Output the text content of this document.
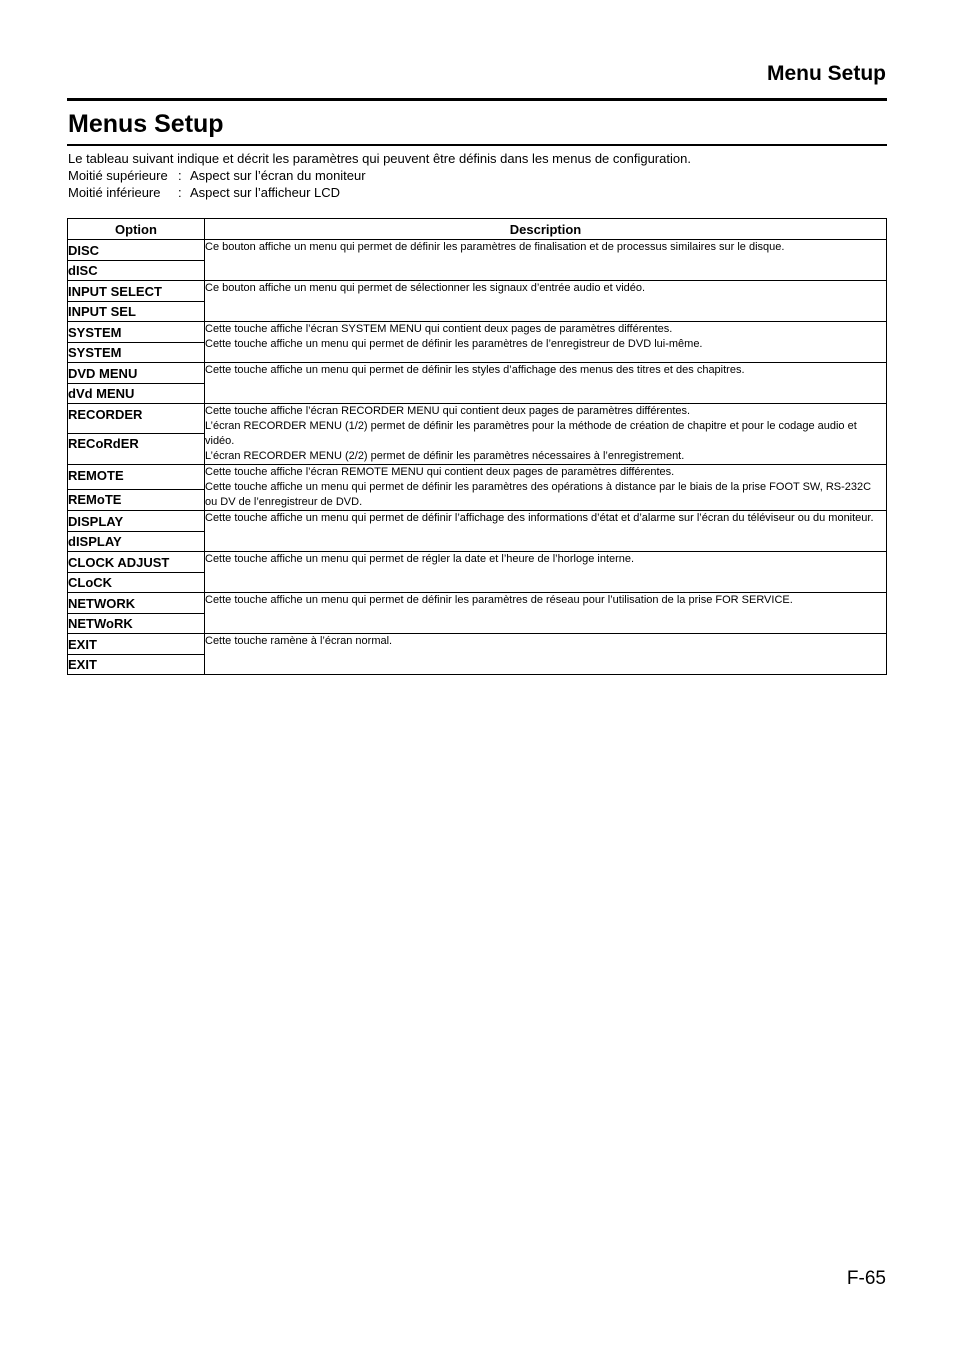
Menu Setup
Menus Setup
Le tableau suivant indique et décrit les paramètres qui peuvent être définis dans les menus de configuration.
Moitié supérieure : Aspect sur l’écran du moniteur
Moitié inférieure : Aspect sur l’afficheur LCD
Option	Description
DISC	Ce bouton affiche un menu qui permet de définir les paramètres de finalisation et de processus similaires sur le disque.

dISC	
INPUT SELECT	Ce bouton affiche un menu qui permet de sélectionner les signaux d’entrée audio et vidéo.

INPUT SEL	
SYSTEM	Cette touche affiche l’écran SYSTEM MENU qui contient deux pages de paramètres différentes.
Cette touche affiche un menu qui permet de définir les paramètres de l’enregistreur de DVD lui-même.

SYSTEM	
DVD MENU	Cette touche affiche un menu qui permet de définir les styles d’affichage des menus des titres et des chapitres.

dVd MENU	
RECORDER	Cette touche affiche l’écran RECORDER MENU qui contient deux pages de paramètres différentes.
L’écran RECORDER MENU (1/2) permet de définir les paramètres pour la méthode de création de chapitre et pour le codage audio et vidéo.
L’écran RECORDER MENU (2/2) permet de définir les paramètres nécessaires à l’enregistrement.

RECoRdER	
REMOTE	Cette touche affiche l’écran REMOTE MENU qui contient deux pages de paramètres différentes.
Cette touche affiche un menu qui permet de définir les paramètres des opérations à distance par le biais de la prise FOOT SW, RS-232C ou DV de l’enregistreur de DVD.

REMoTE	
DISPLAY	Cette touche affiche un menu qui permet de définir l’affichage des informations d’état et d’alarme sur l’écran du téléviseur ou du moniteur.

dISPLAY	
CLOCK ADJUST	Cette touche affiche un menu qui permet de régler la date et l’heure de l’horloge interne.

CLoCK	
NETWORK	Cette touche affiche un menu qui permet de définir les paramètres de réseau pour l’utilisation de la prise FOR SERVICE.

NETWoRK	
EXIT	Cette touche ramène à l’écran normal.

EXIT	
F-65
